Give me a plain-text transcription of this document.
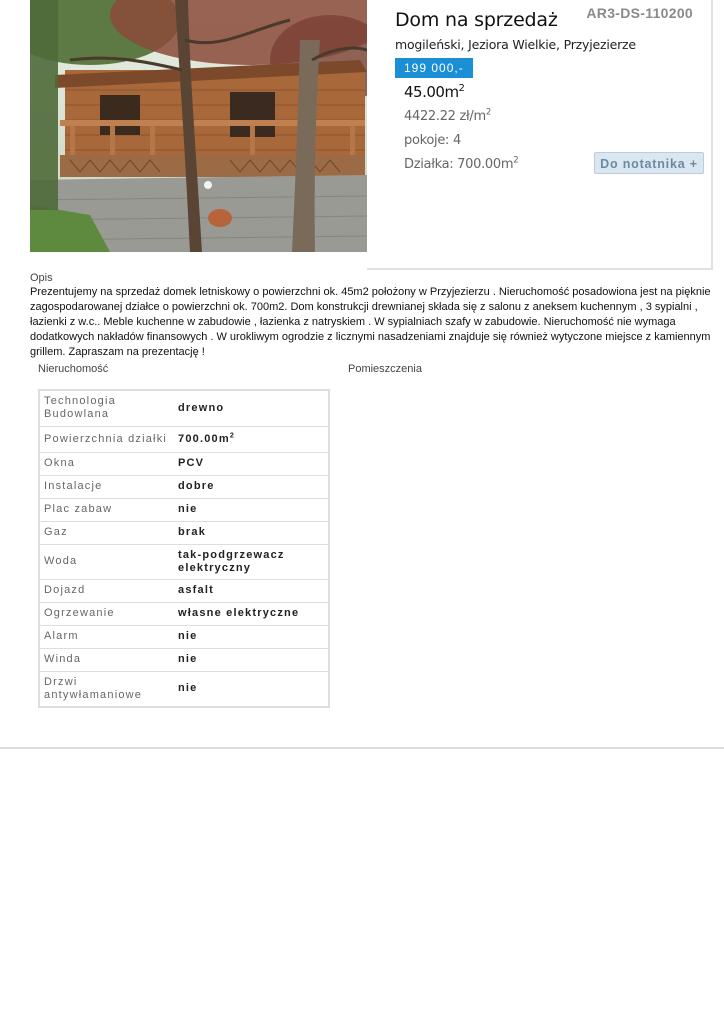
AR3-DS-110200
Dom na sprzedaż
mogileński, Jeziora Wielkie, Przyjezierze
199 000,-
$45.00m^2$
4422.22 $zł/m^2$
pokoje: 4
Działka: $700.00m^2$	Do notatnika +
Opis
Prezentujemy na sprzedaż domek letniskowy o powierzchni ok. 45m2 położony w Przyjezierzu . Nieruchomość posadowiona jest na pięknie zagospodarowanej działce o powierzchni ok. 700m2. Dom konstrukcji drewnianej składa się z salonu z aneksem kuchennym , 3 sypialni , łazienki z w.c.. Meble kuchenne w zabudowie , łazienka z natryskiem . W sypialniach szafy w zabudowie. Nieruchomość nie wymaga dodatkowych nakładów finansowych . W urokliwym ogrodzie z licznymi nasadzeniami znajduje się również wytyczone miejsce z kamiennym grillem. Zapraszam na prezentację !
Nieruchomość	Pomieszczenia
Technologia Budowlana	drewno
Powierzchnia działki	$700.00m^2$
Okna	PCV
Instalacje	dobre
Plac zabaw	nie
Gaz	brak
Woda	tak-podgrzewacz elektryczny
Dojazd	asfalt
Ogrzewanie	własne elektryczne
Alarm	nie
Winda	nie
Drzwi antywłamaniowe	nie
